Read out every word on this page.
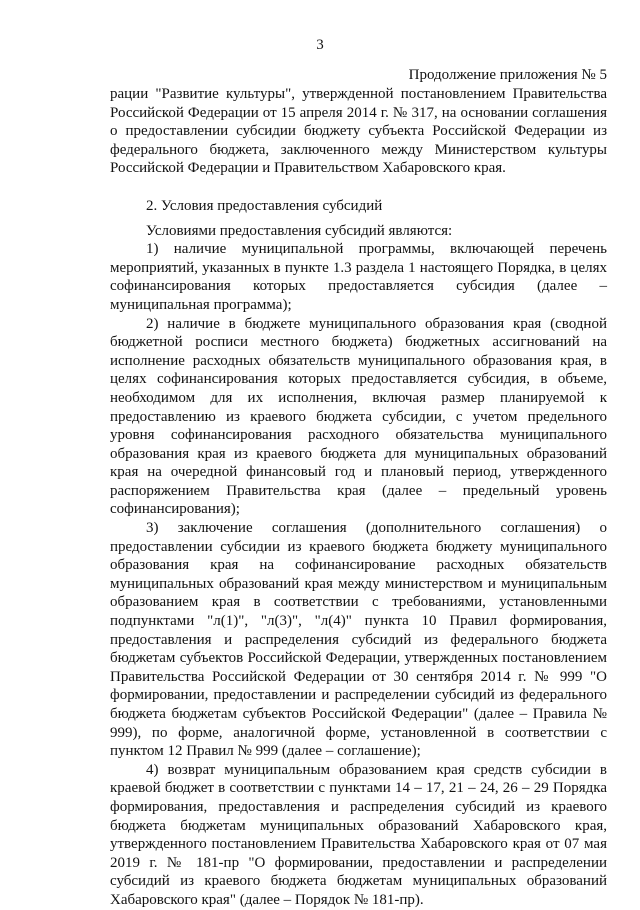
3
Продолжение приложения № 5

рации "Развитие культуры", утвержденной постановлением Правительства Российской Федерации от 15 апреля 2014 г. № 317, на основании соглашения о предоставлении субсидии бюджету субъекта Российской Федерации из федерального бюджета, заключенного между Министерством культуры Российской Федерации и Правительством Хабаровского края.

2. Условия предоставления субсидий

Условиями предоставления субсидий являются:

1) наличие муниципальной программы, включающей перечень мероприятий, указанных в пункте 1.3 раздела 1 настоящего Порядка, в целях софинансирования которых предоставляется субсидия (далее – муниципальная программа);

2) наличие в бюджете муниципального образования края (сводной бюджетной росписи местного бюджета) бюджетных ассигнований на исполнение расходных обязательств муниципального образования края, в целях софинансирования которых предоставляется субсидия, в объеме, необходимом для их исполнения, включая размер планируемой к предоставлению из краевого бюджета субсидии, с учетом предельного уровня софинансирования расходного обязательства муниципального образования края из краевого бюджета для муниципальных образований края на очередной финансовый год и плановый период, утвержденного распоряжением Правительства края (далее – предельный уровень софинансирования);

3) заключение соглашения (дополнительного соглашения) о предоставлении субсидии из краевого бюджета бюджету муниципального образования края на софинансирование расходных обязательств муниципальных образований края между министерством и муниципальным образованием края в соответствии с требованиями, установленными подпунктами "л(1)", "л(3)", "л(4)" пункта 10 Правил формирования, предоставления и распределения субсидий из федерального бюджета бюджетам субъектов Российской Федерации, утвержденных постановлением Правительства Российской Федерации от 30 сентября 2014 г. № 999 "О формировании, предоставлении и распределении субсидий из федерального бюджета бюджетам субъектов Российской Федерации" (далее – Правила № 999), по форме, аналогичной форме, установленной в соответствии с пунктом 12 Правил № 999 (далее – соглашение);

4) возврат муниципальным образованием края средств субсидии в краевой бюджет в соответствии с пунктами 14 – 17, 21 – 24, 26 – 29 Порядка формирования, предоставления и распределения субсидий из краевого бюджета бюджетам муниципальных образований Хабаровского края, утвержденного постановлением Правительства Хабаровского края от 07 мая 2019 г. № 181-пр "О формировании, предоставлении и распределении субсидий из краевого бюджета бюджетам муниципальных образований Хабаровского края" (далее – Порядок № 181-пр).
